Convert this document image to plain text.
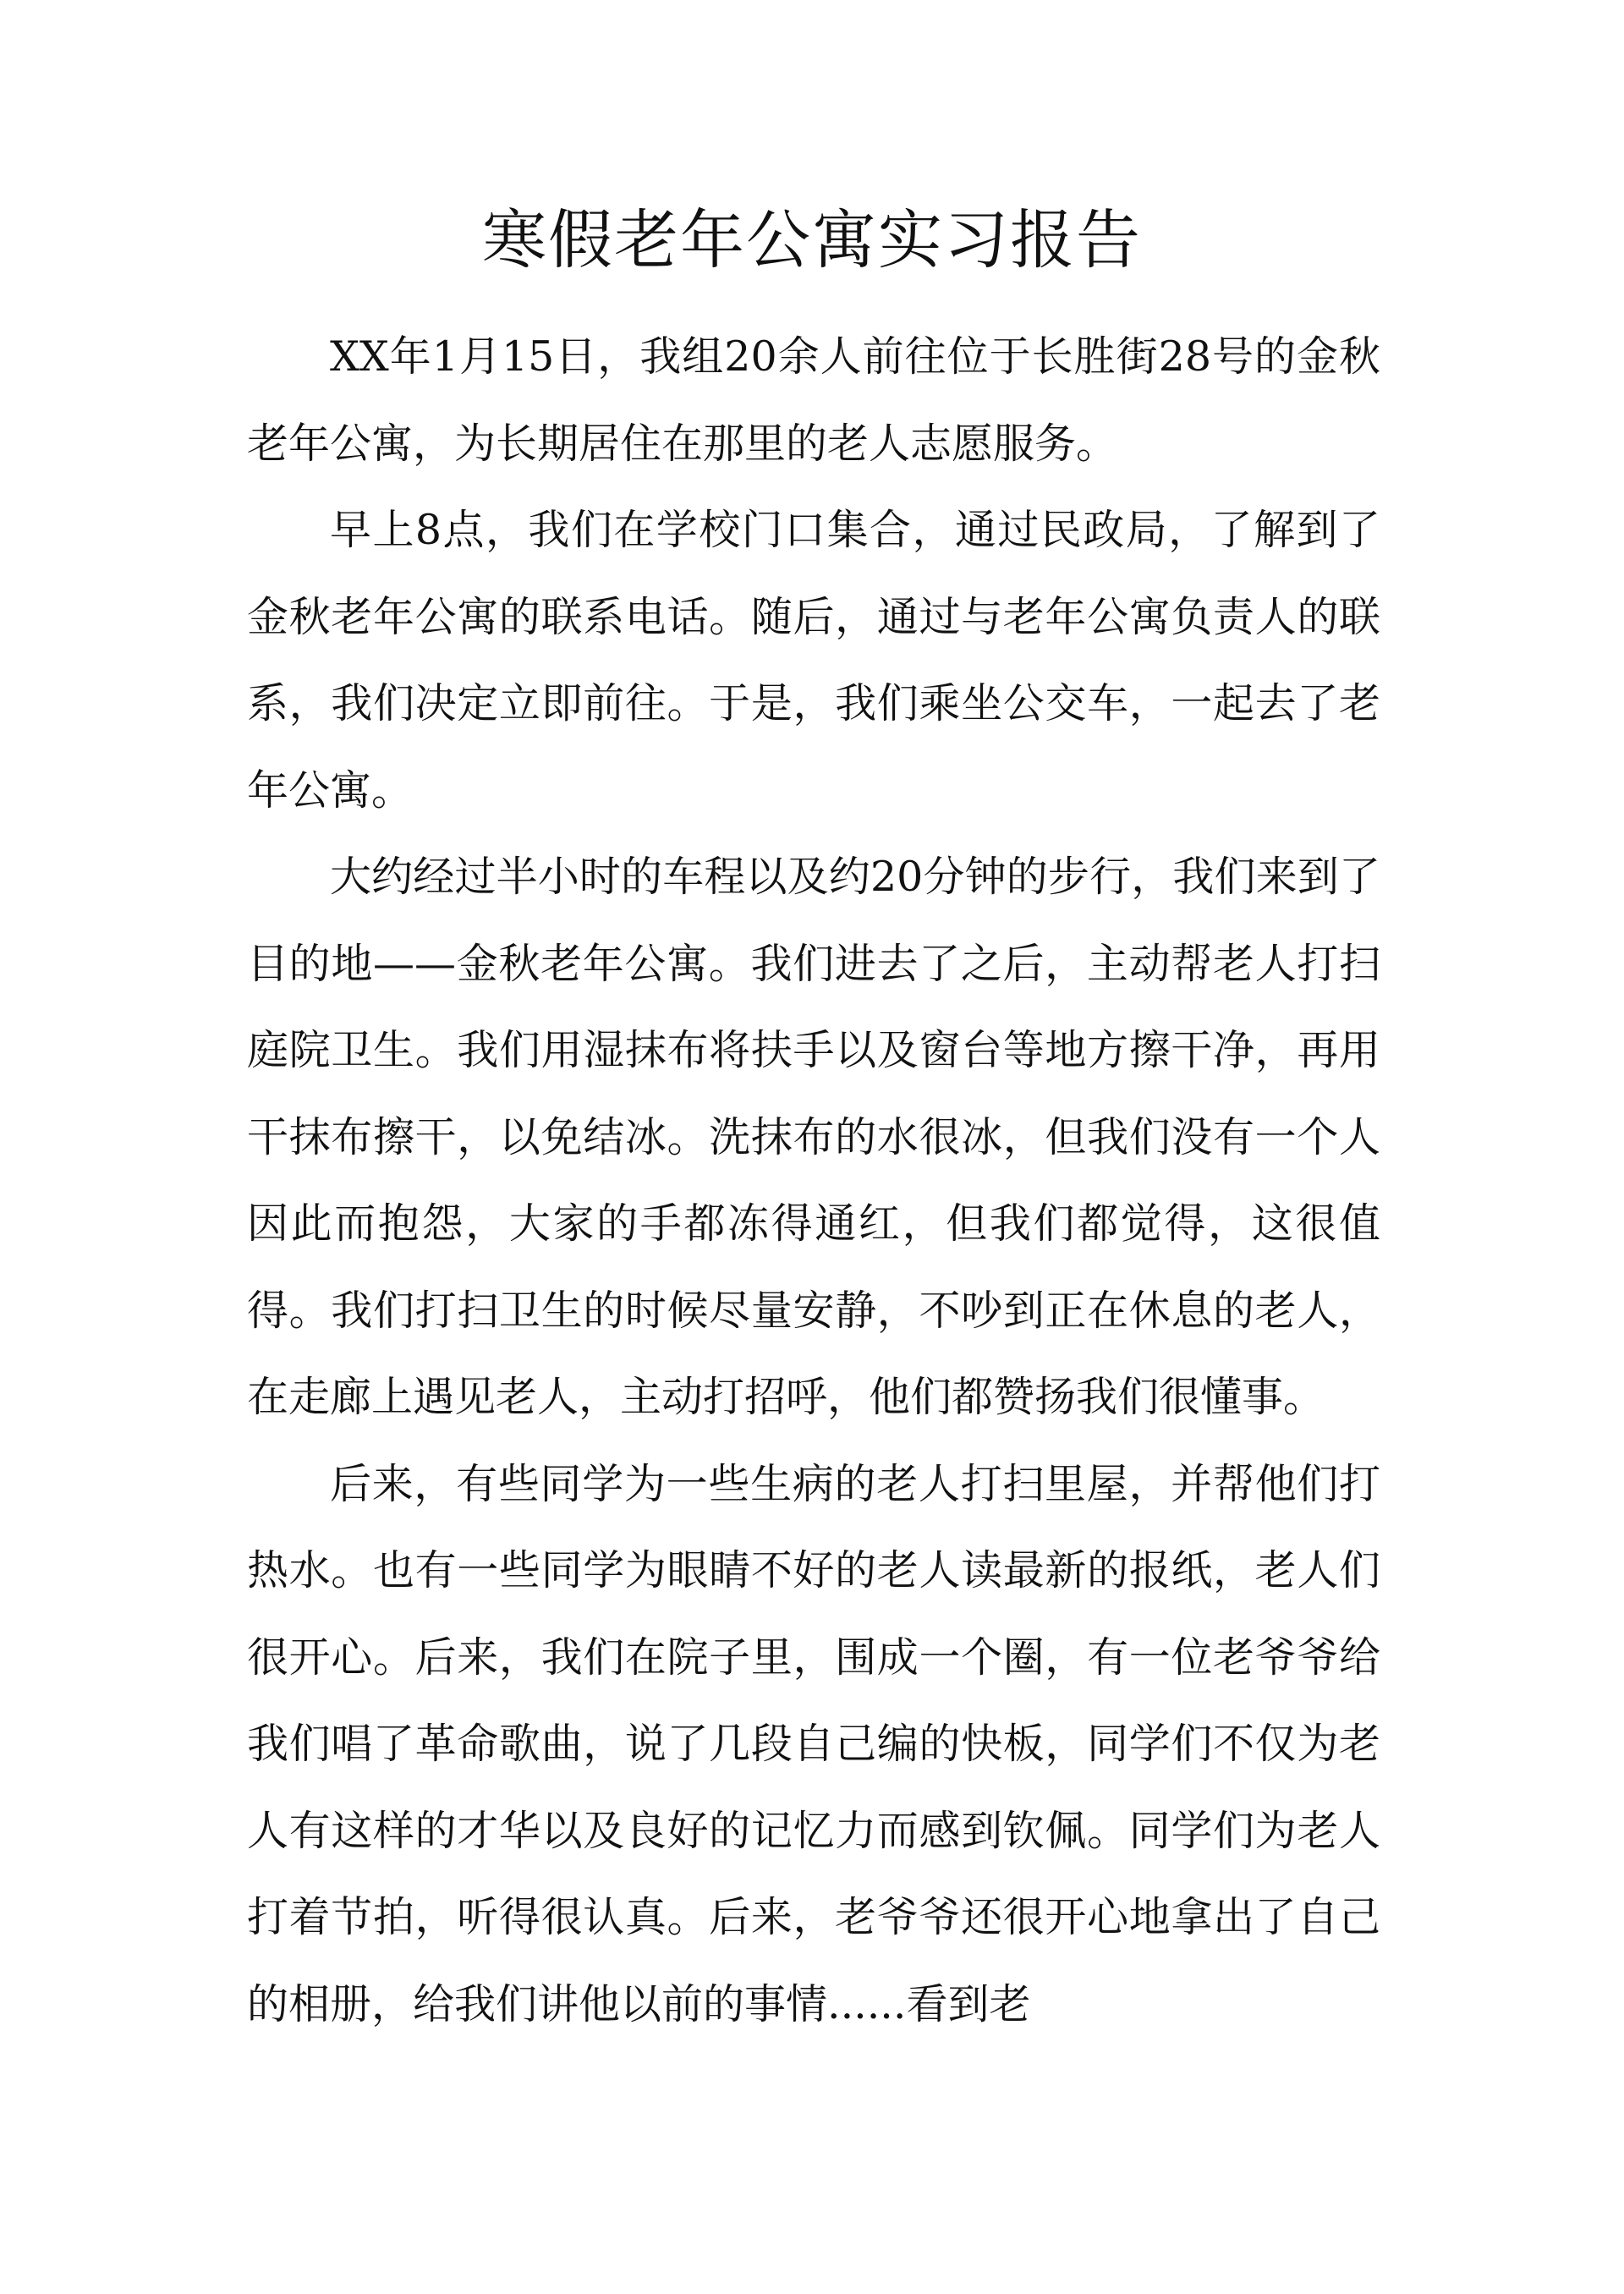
寒假老年公寓实习报告

XX年1月15日，我组20余人前往位于长胜街28号的金秋老年公寓，为长期居住在那里的老人志愿服务。

早上8点，我们在学校门口集合，通过民政局，了解到了金秋老年公寓的联系电话。随后，通过与老年公寓负责人的联系，我们决定立即前往。于是，我们乘坐公交车，一起去了老年公寓。

大约经过半小时的车程以及约20分钟的步行，我们来到了目的地——金秋老年公寓。我们进去了之后，主动帮老人打扫庭院卫生。我们用湿抹布将扶手以及窗台等地方擦干净，再用干抹布擦干，以免结冰。洗抹布的水很冰，但我们没有一个人因此而抱怨，大家的手都冻得通红，但我们都觉得，这很值得。我们打扫卫生的时候尽量安静，不吵到正在休息的老人，在走廊上遇见老人，主动打招呼，他们都赞扬我们很懂事。

后来，有些同学为一些生病的老人打扫里屋，并帮他们打热水。也有一些同学为眼睛不好的老人读最新的报纸，老人们很开心。后来，我们在院子里，围成一个圈，有一位老爷爷给我们唱了革命歌曲，说了几段自己编的快板，同学们不仅为老人有这样的才华以及良好的记忆力而感到钦佩。同学们为老人打着节拍，听得很认真。后来，老爷爷还很开心地拿出了自己的相册，给我们讲他以前的事情......看到老
